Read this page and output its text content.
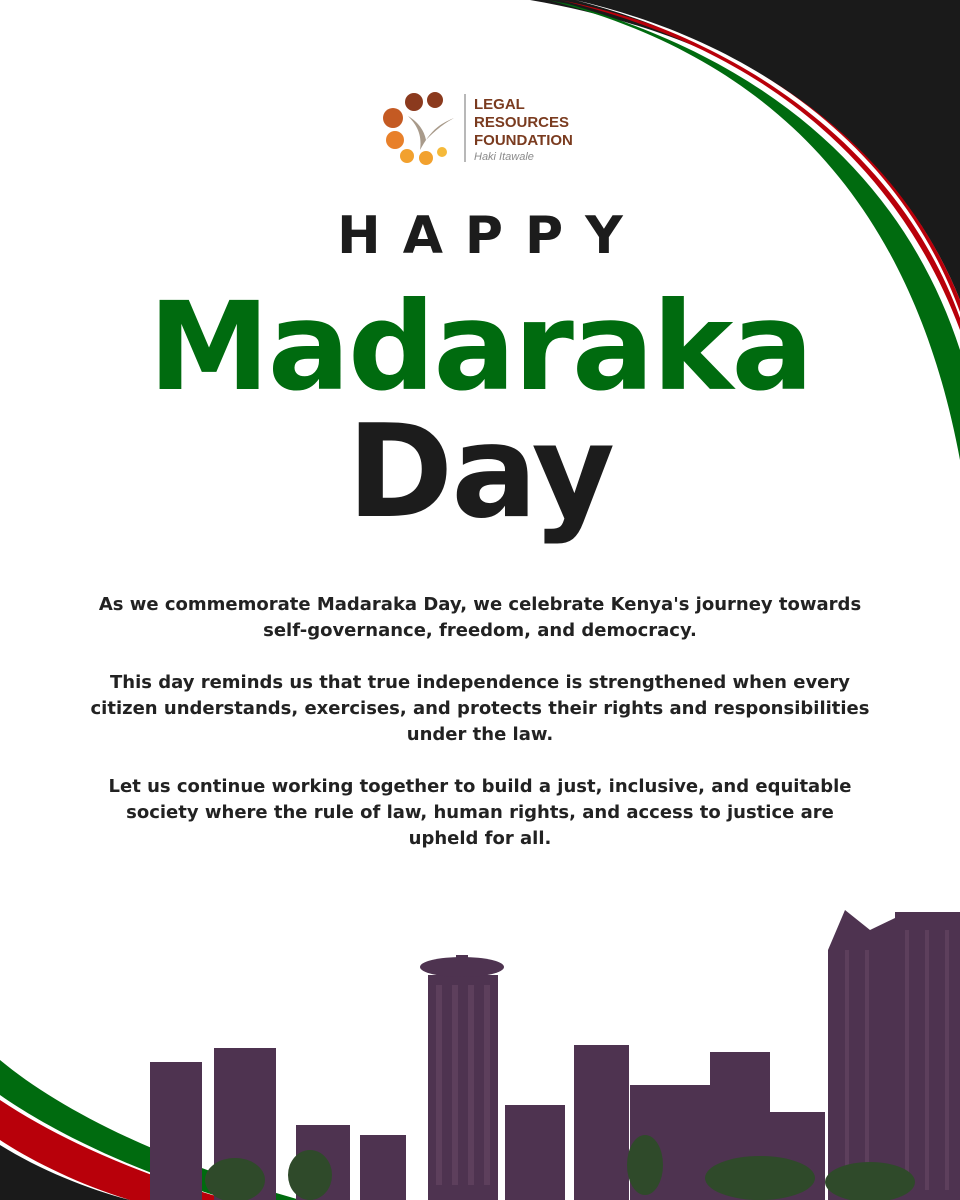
LEGAL
RESOURCES
FOUNDATION
Haki Itawale
HAPPY
Madaraka
Day

As we commemorate Madaraka Day, we celebrate Kenya's journey towards self-governance, freedom, and democracy.

This day reminds us that true independence is strengthened when every citizen understands, exercises, and protects their rights and responsibilities under the law.

Let us continue working together to build a just, inclusive, and equitable society where the rule of law, human rights, and access to justice are upheld for all.
